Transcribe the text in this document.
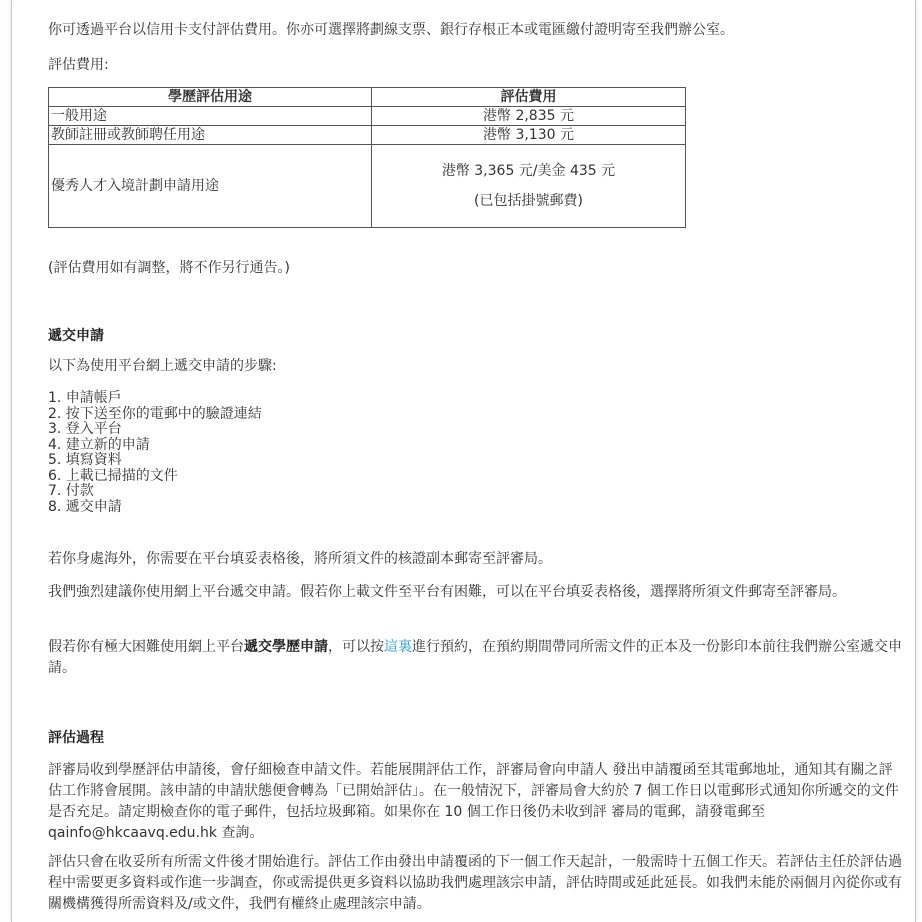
你可透過平台以信用卡支付評估費用。你亦可選擇將劃線支票、銀行存根正本或電匯繳付證明寄至我們辦公室。

評估費用:

學歷評估用途	評估費用
一般用途	港幣 2,835 元
教師註冊或教師聘任用途	港幣 3,130 元
優秀人才入境計劃申請用途	港幣 3,365 元/美金 435 元
(已包括掛號郵費)

(評估費用如有調整，將不作另行通告。)

遞交申請

以下為使用平台網上遞交申請的步驟:

1. 申請帳戶
2. 按下送至你的電郵中的驗證連結
3. 登入平台
4. 建立新的申請
5. 填寫資料
6. 上載已掃描的文件
7. 付款
8. 遞交申請

若你身處海外，你需要在平台填妥表格後，將所須文件的核證副本郵寄至評審局。

我們強烈建議你使用網上平台遞交申請。假若你上載文件至平台有困難，可以在平台填妥表格後，選擇將所須文件郵寄至評審局。

假若你有極大困難使用網上平台遞交學歷申請，可以按這裏進行預約，在預約期間帶同所需文件的正本及一份影印本前往我們辦公室遞交申請。

評估過程

評審局收到學歷評估申請後，會仔細檢查申請文件。若能展開評估工作，評審局會向申請人 發出申請覆函至其電郵地址，通知其有關之評估工作將會展開。該申請的申請狀態便會轉為「已開始評估」。在一般情況下，評審局會大約於 7 個工作日以電郵形式通知你所遞交的文件 是否充足。請定期檢查你的電子郵件，包括垃圾郵箱。如果你在 10 個工作日後仍未收到評 審局的電郵，請發電郵至 qainfo@hkcaavq.edu.hk 查詢。

評估只會在收妥所有所需文件後才開始進行。評估工作由發出申請覆函的下一個工作天起計，一般需時十五個工作天。若評估主任於評估過程中需要更多資料或作進一步調查，你或需提供更多資料以協助我們處理該宗申請，評估時間或延此延長。如我們未能於兩個月內從你或有關機構獲得所需資料及/或文件，我們有權終止處理該宗申請。
